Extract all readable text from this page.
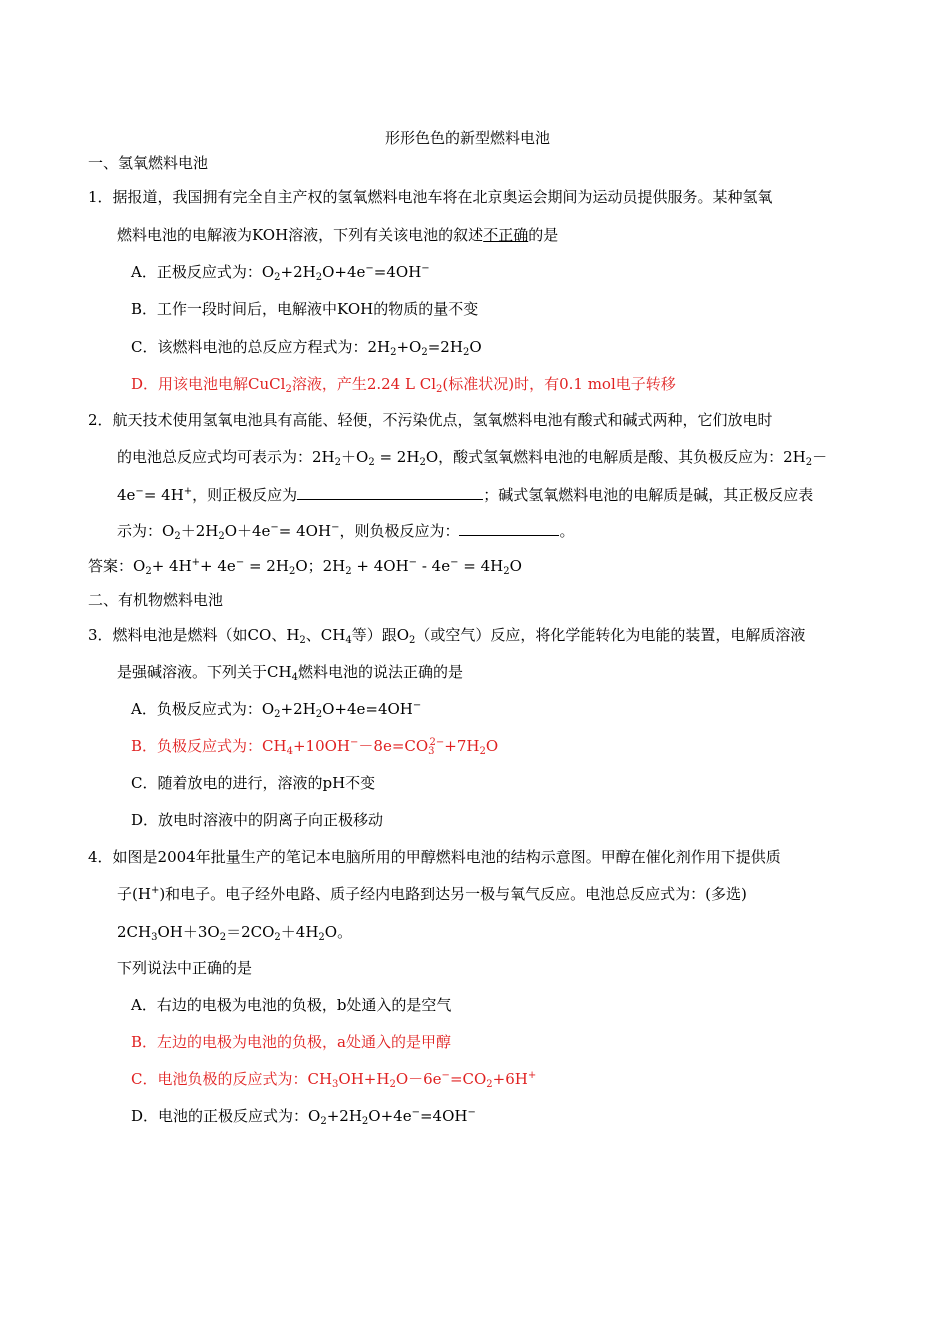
形形色色的新型燃料电池
一、氢氧燃料电池
1．据报道，我国拥有完全自主产权的氢氧燃料电池车将在北京奥运会期间为运动员提供服务。某种氢氧
燃料电池的电解液为KOH溶液，下列有关该电池的叙述不正确的是
A．正极反应式为：$O_2+2H_2O+4e^-=4OH^-$
B．工作一段时间后，电解液中KOH的物质的量不变
C．该燃料电池的总反应方程式为：$2H_2+O_2=2H_2O$
D．用该电池电解CuCl$_2$溶液，产生2.24 L $Cl_2$(标准状况)时，有0.1 mol电子转移
2．航天技术使用氢氧电池具有高能、轻便，不污染优点，氢氧燃料电池有酸式和碱式两种，它们放电时
的电池总反应式均可表示为：$2H_2+O_2 = 2H_2O$，酸式氢氧燃料电池的电解质是酸、其负极反应为：$2H_2-$
4e−= 4H+，则正极反应为	；碱式氢氧燃料电池的电解质是碱，其正极反应表
示为：$O_2+2H_2O+4e^-= 4OH^-$，则负极反应为：	。
答案：$O_2+ 4H^++ 4e^- = 2H_2O$；$2H_2 + 4OH^- - 4e^- = 4H_2O$
二、有机物燃料电池
3．燃料电池是燃料（如CO、$H_2$、$CH_4$等）跟$O_2$（或空气）反应，将化学能转化为电能的装置，电解质溶液
是强碱溶液。下列关于$CH_4$燃料电池的说法正确的是
A．负极反应式为：$O_2+2H_2O+4e=4OH^-$
B．负极反应式为：$CH_4+10OH^--8e=CO_3^{2-}+7H_2O$
C．随着放电的进行，溶液的pH不变
D．放电时溶液中的阴离子向正极移动
4．如图是2004年批量生产的笔记本电脑所用的甲醇燃料电池的结构示意图。甲醇在催化剂作用下提供质
子(H+)和电子。电子经外电路、质子经内电路到达另一极与氧气反应。电池总反应式为：(多选)
$2CH_3OH+3O_2=2CO_2+4H_2O$。
下列说法中正确的是
A．右边的电极为电池的负极，b处通入的是空气
B．左边的电极为电池的负极，a处通入的是甲醇
C．电池负极的反应式为：$CH_3OH+H_2O-6e^-=CO_2+6H^+$
D．电池的正极反应式为：$O_2+2H_2O+4e^-=4OH^-$
